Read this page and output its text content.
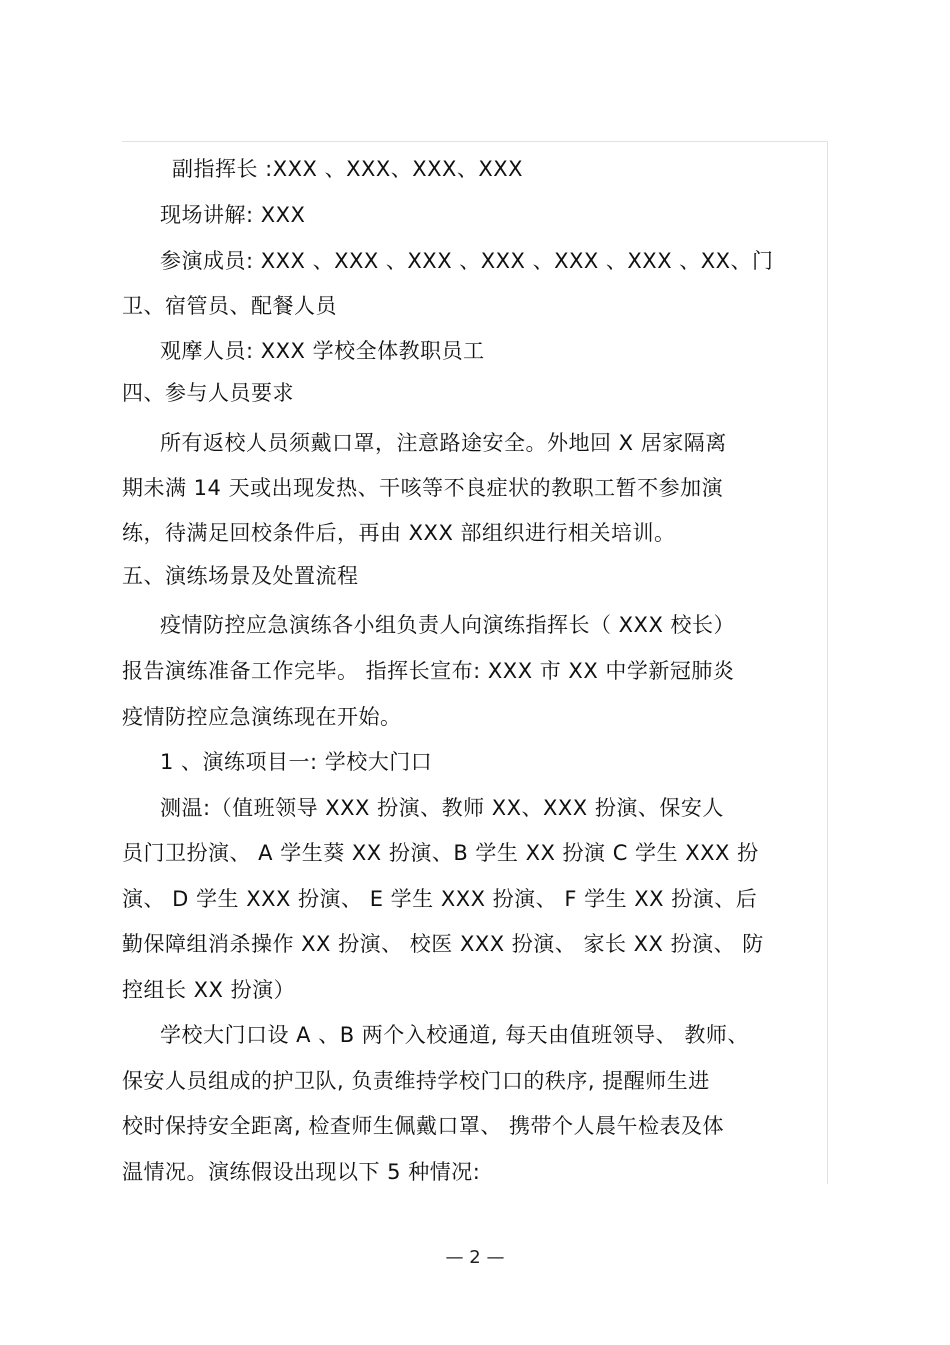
副指挥长 :XXX 、XXX、XXX、XXX
现场讲解: XXX
参演成员: XXX 、XXX 、XXX 、XXX 、XXX 、XXX 、XX、门
卫、宿管员、配餐人员
观摩人员: XXX 学校全体教职员工
四、参与人员要求
所有返校人员须戴口罩，注意路途安全。外地回 X 居家隔离
期未满 14 天或出现发热、干咳等不良症状的教职工暂不参加演
练，待满足回校条件后，再由 XXX 部组织进行相关培训。
五、演练场景及处置流程
疫情防控应急演练各小组负责人向演练指挥长（ XXX 校长）
报告演练准备工作完毕。 指挥长宣布: XXX 市 XX 中学新冠肺炎
疫情防控应急演练现在开始。
1 、演练项目一: 学校大门口
测温:（值班领导 XXX 扮演、教师 XX、XXX 扮演、保安人
员门卫扮演、 A 学生葵 XX 扮演、B 学生 XX 扮演 C 学生 XXX 扮
演、 D 学生 XXX 扮演、 E 学生 XXX 扮演、 F 学生 XX 扮演、后
勤保障组消杀操作 XX 扮演、 校医 XXX 扮演、 家长 XX 扮演、 防
控组长 XX 扮演）
学校大门口设 A 、B 两个入校通道, 每天由值班领导、 教师、
保安人员组成的护卫队, 负责维持学校门口的秩序, 提醒师生进
校时保持安全距离, 检查师生佩戴口罩、 携带个人晨午检表及体
温情况。演练假设出现以下 5 种情况:
— 2 —
